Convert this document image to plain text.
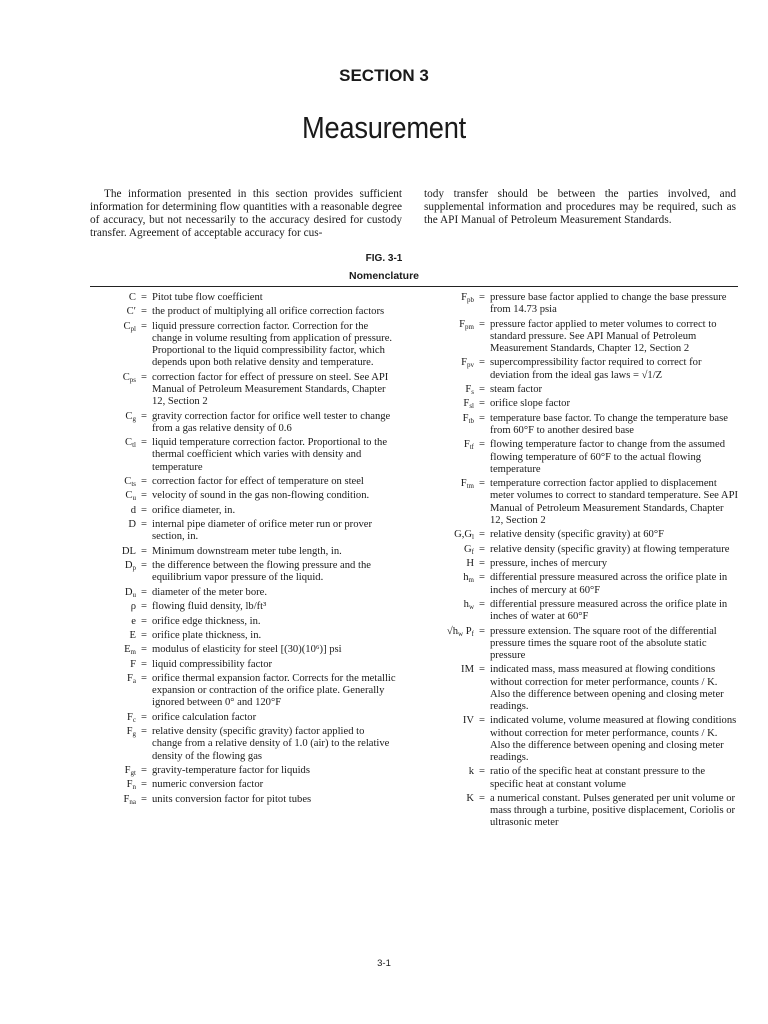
SECTION 3
Measurement
The information presented in this section provides sufficient information for determining flow quantities with a reasonable degree of accuracy, but not necessarily to the accuracy desired for custody transfer. Agreement of acceptable accuracy for cus-
tody transfer should be between the parties involved, and supplemental information and procedures may be required, such as the API Manual of Petroleum Measurement Standards.
FIG. 3-1
Nomenclature
C = Pitot tube flow coefficient
C′ = the product of multiplying all orifice correction factors
$C_{pl}$ = liquid pressure correction factor. Correction for the change in volume resulting from application of pressure. Proportional to the liquid compressibility factor, which depends upon both relative density and temperature.
$C_{ps}$ = correction factor for effect of pressure on steel. See API Manual of Petroleum Measurement Standards, Chapter 12, Section 2
$C_g$ = gravity correction factor for orifice well tester to change from a gas relative density of 0.6
$C_{tl}$ = liquid temperature correction factor. Proportional to the thermal coefficient which varies with density and temperature
$C_{ts}$ = correction factor for effect of temperature on steel
$C_u$ = velocity of sound in the gas non-flowing condition.
d = orifice diameter, in.
D = internal pipe diameter of orifice meter run or prover section, in.
DL = Minimum downstream meter tube length, in.
$D_p$ = the difference between the flowing pressure and the equilibrium vapor pressure of the liquid.
$D_u$ = diameter of the meter bore.
ρ = flowing fluid density, lb/ft³
e = orifice edge thickness, in.
E = orifice plate thickness, in.
$E_m$ = modulus of elasticity for steel [(30)(10⁶)] psi
F = liquid compressibility factor
$F_a$ = orifice thermal expansion factor. Corrects for the metallic expansion or contraction of the orifice plate. Generally ignored between 0° and 120°F
$F_c$ = orifice calculation factor
$F_g$ = relative density (specific gravity) factor applied to change from a relative density of 1.0 (air) to the relative density of the flowing gas
$F_{gt}$ = gravity-temperature factor for liquids
$F_n$ = numeric conversion factor
$F_{na}$ = units conversion factor for pitot tubes
$F_{pb}$ = pressure base factor applied to change the base pressure from 14.73 psia
$F_{pm}$ = pressure factor applied to meter volumes to correct to standard pressure. See API Manual of Petroleum Measurement Standards, Chapter 12, Section 2
$F_{pv}$ = supercompressibility factor required to correct for deviation from the ideal gas laws = √1/Z
$F_s$ = steam factor
$F_{sl}$ = orifice slope factor
$F_{tb}$ = temperature base factor. To change the temperature base from 60°F to another desired base
$F_{tf}$ = flowing temperature factor to change from the assumed flowing temperature of 60°F to the actual flowing temperature
$F_{tm}$ = temperature correction factor applied to displacement meter volumes to correct to standard temperature. See API Manual of Petroleum Measurement Standards, Chapter 12, Section 2
$G,G_l$ = relative density (specific gravity) at 60°F
$G_f$ = relative density (specific gravity) at flowing temperature
H = pressure, inches of mercury
$h_m$ = differential pressure measured across the orifice plate in inches of mercury at 60°F
$h_w$ = differential pressure measured across the orifice plate in inches of water at 60°F
$√h_w$ $P_f$ = pressure extension. The square root of the differential pressure times the square root of the absolute static pressure
IM = indicated mass, mass measured at flowing conditions without correction for meter performance, counts / K. Also the difference between opening and closing meter readings.
IV = indicated volume, volume measured at flowing conditions without correction for meter performance, counts / K. Also the difference between opening and closing meter readings.
k = ratio of the specific heat at constant pressure to the specific heat at constant volume
K = a numerical constant. Pulses generated per unit volume or mass through a turbine, positive displacement, Coriolis or ultrasonic meter
3-1
